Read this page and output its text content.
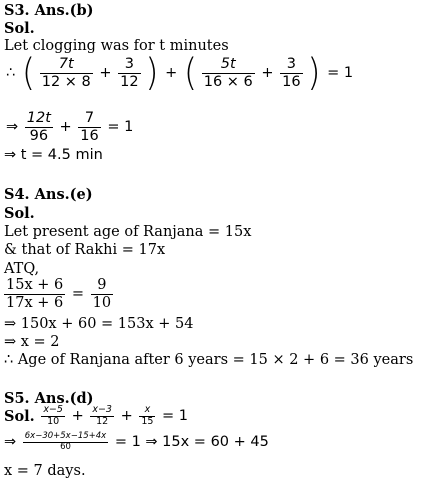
S3. Ans.(b)
Sol.
Let clogging was for t minutes
∴ ( $\frac{7t}{12 \times 8} + \frac{3}{12}$ ) + ( $\frac{5t}{16 \times 6} + \frac{3}{16}$ ) = 1
⇒ $\frac{12t}{96} + \frac{7}{16} = 1$
⇒ t = 4.5 min
S4. Ans.(e)
Sol.
Let present age of Ranjana = 15x
& that of Rakhi = 17x
ATQ,
$\frac{15x + 6}{17x + 6} = \frac{9}{10}$
⇒ 150x + 60 = 153x + 54
⇒ x = 2
∴ Age of Ranjana after 6 years = 15 × 2 + 6 = 36 years
S5. Ans.(d)
Sol. $\frac{x-5}{10} + \frac{x-3}{12} + \frac{x}{15} = 1$
⇒ $\frac{6x-30+5x-15+4x}{60} = 1$ ⇒ 15x = 60 + 45
x = 7 days.
